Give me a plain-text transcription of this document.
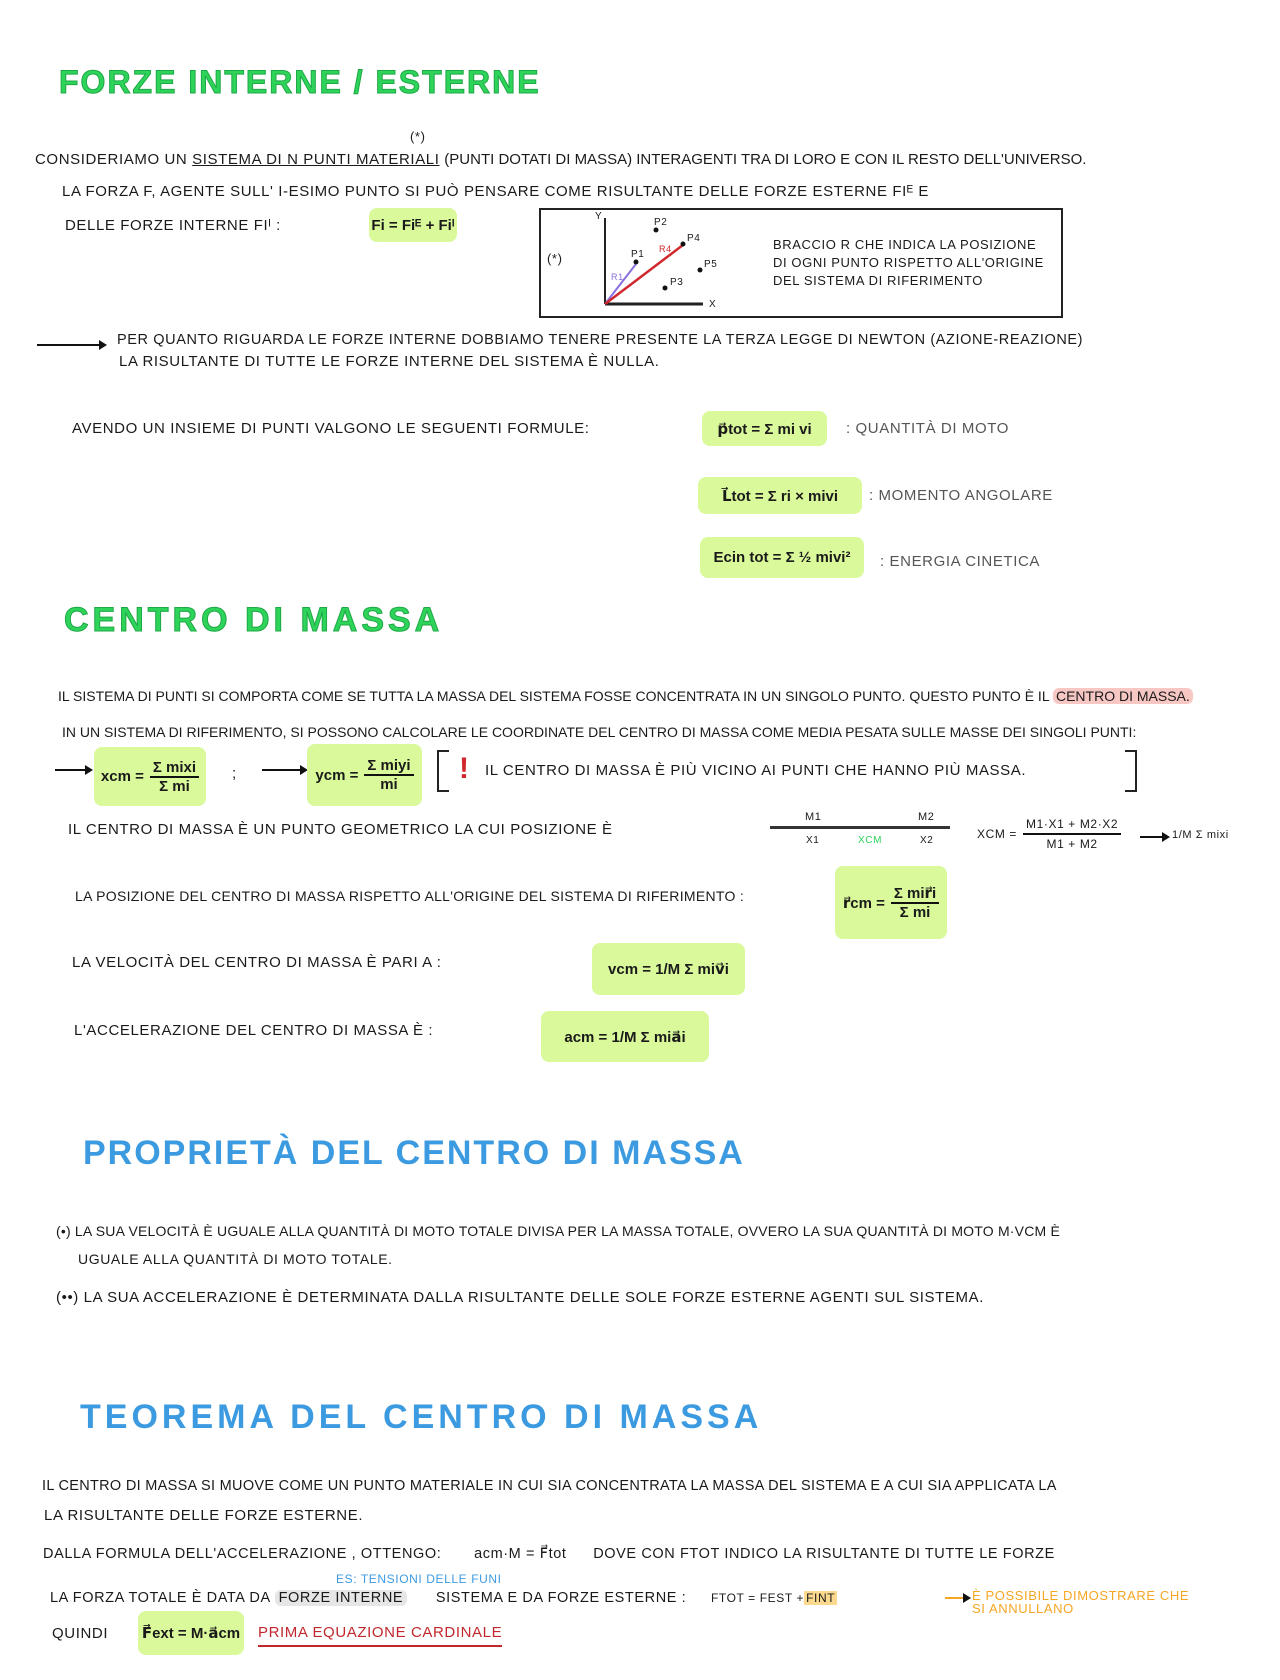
FORZE INTERNE / ESTERNE
(*)
CONSIDERIAMO UN SISTEMA DI N PUNTI MATERIALI (PUNTI DOTATI DI MASSA) INTERAGENTI TRA DI LORO E CON IL RESTO DELL'UNIVERSO.
LA FORZA F, AGENTE SULL' I-ESIMO PUNTO SI PUÒ PENSARE COME RISULTANTE DELLE FORZE ESTERNE FIᴱ E
DELLE FORZE INTERNE FIᴵ :	Fi = Fiᴱ + Fiᴵ
(*)
X
Y
P1
P2
P3
P4
P5
R1
R4	BRACCIO R CHE INDICA LA POSIZIONE
DI OGNI PUNTO RISPETTO ALL'ORIGINE
DEL SISTEMA DI RIFERIMENTO
PER QUANTO RIGUARDA LE FORZE INTERNE DOBBIAMO TENERE PRESENTE LA TERZA LEGGE DI NEWTON (AZIONE-REAZIONE)
LA RISULTANTE DI TUTTE LE FORZE INTERNE DEL SISTEMA È NULLA.
AVENDO UN INSIEME DI PUNTI VALGONO LE SEGUENTI FORMULE:	p⃗tot = Σ mi vi	: QUANTITÀ DI MOTO
L⃗tot = Σ ri × mivi	: MOMENTO ANGOLARE
Ecin tot = Σ ½ mivi²	: ENERGIA CINETICA
CENTRO DI MASSA
IL SISTEMA DI PUNTI SI COMPORTA COME SE TUTTA LA MASSA DEL SISTEMA FOSSE CONCENTRATA IN UN SINGOLO PUNTO. QUESTO PUNTO È IL CENTRO DI MASSA.
IN UN SISTEMA DI RIFERIMENTO, SI POSSONO CALCOLARE LE COORDINATE DEL CENTRO DI MASSA COME MEDIA PESATA SULLE MASSE DEI SINGOLI PUNTI:
xcm = $\frac{\text{Σ mixi}}{\text{Σ mi}}$ ;	ycm = $\frac{\text{Σ miyi}}{mi}$ ! IL CENTRO DI MASSA È PIÙ VICINO AI PUNTI CHE HANNO PIÙ MASSA.
IL CENTRO DI MASSA È UN PUNTO GEOMETRICO LA CUI POSIZIONE È
M1	M2
X1	XCM	X2	XCM = $\frac{M1\cdot X1 + M2\cdot X2}{M1 + M2}$	1/M Σ mixi
LA POSIZIONE DEL CENTRO DI MASSA RISPETTO ALL'ORIGINE DEL SISTEMA DI RIFERIMENTO :	r⃗cm = $\frac{\text{Σ mir⃗i}}{\text{Σ mi}}$
LA VELOCITÀ DEL CENTRO DI MASSA È PARI A :	vcm = 1/M Σ miv⃗i
L'ACCELERAZIONE DEL CENTRO DI MASSA È :	acm = 1/M Σ mia⃗i
PROPRIETÀ DEL CENTRO DI MASSA
(•) LA SUA VELOCITÀ È UGUALE ALLA QUANTITÀ DI MOTO TOTALE DIVISA PER LA MASSA TOTALE, OVVERO LA SUA QUANTITÀ DI MOTO M·VCM È
UGUALE ALLA QUANTITÀ DI MOTO TOTALE.
(••) LA SUA ACCELERAZIONE È DETERMINATA DALLA RISULTANTE DELLE SOLE FORZE ESTERNE AGENTI SUL SISTEMA.
TEOREMA DEL CENTRO DI MASSA
IL CENTRO DI MASSA SI MUOVE COME UN PUNTO MATERIALE IN CUI SIA CONCENTRATA LA MASSA DEL SISTEMA E A CUI SIA APPLICATA LA
LA RISULTANTE DELLE FORZE ESTERNE.
DALLA FORMULA DELL'ACCELERAZIONE , OTTENGO: acm·M = F⃗tot DOVE CON FTOT INDICO LA RISULTANTE DI TUTTE LE FORZE
ES: TENSIONI DELLE FUNI
LA FORZA TOTALE È DATA DA FORZE INTERNE SISTEMA E DA FORZE ESTERNE : FTOT = FEST + FINT	È POSSIBILE DIMOSTRARE CHE
SI ANNULLANO
QUINDI F⃗ext = M·a⃗cm PRIMA EQUAZIONE CARDINALE
